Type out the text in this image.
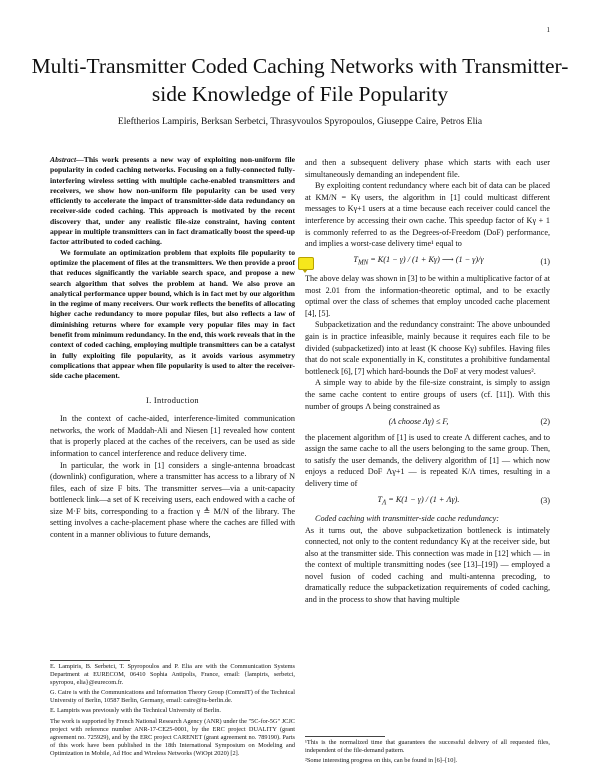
1
Multi-Transmitter Coded Caching Networks with Transmitter-side Knowledge of File Popularity
Eleftherios Lampiris, Berksan Serbetci, Thrasyvoulos Spyropoulos, Giuseppe Caire, Petros Elia

Abstract—This work presents a new way of exploiting non-uniform file popularity in coded caching networks. Focusing on a fully-connected fully-interfering wireless setting with multiple cache-enabled transmitters and receivers, we show how non-uniform file popularity can be used very efficiently to accelerate the impact of transmitter-side data redundancy on receiver-side coded caching. This approach is motivated by the recent discovery that, under any realistic file-size constraint, having content appear in multiple transmitters can in fact dramatically boost the speed-up factor attributed to coded caching.

We formulate an optimization problem that exploits file popularity to optimize the placement of files at the transmitters. We then provide a proof that reduces significantly the variable search space, and propose a new search algorithm that solves the problem at hand. We also prove an analytical performance upper bound, which is in fact met by our algorithm in the regime of many receivers. Our work reflects the benefits of allocating higher cache redundancy to more popular files, but also reflects a law of diminishing returns where for example very popular files may in fact benefit from minimum redundancy. In the end, this work reveals that in the context of coded caching, employing multiple transmitters can be a catalyst in fully exploiting file popularity, as it avoids various asymmetry complications that appear when file popularity is used to alter the receiver-side cache placement.

I. Introduction

In the context of cache-aided, interference-limited communication networks, the work of Maddah-Ali and Niesen [1] revealed how content that is properly placed at the caches of the receivers, can be used as side information to cancel interference and reduce delivery time.

In particular, the work in [1] considers a single-antenna broadcast (downlink) configuration, where a transmitter has access to a library of N files, each of size F bits. The transmitter serves—via a unit-capacity bottleneck link—a set of K receiving users, each endowed with a cache of size M·F bits, corresponding to a fraction γ ≜ M/N of the library. The setting involves a cache-placement phase where the caches are filled with content in a manner oblivious to future demands,

E. Lampiris, B. Serbetci, T. Spyropoulos and P. Elia are with the Communication Systems Department at EURECOM, 06410 Sophia Antipolis, France, email: {lampiris, serbetci, spyropou, elia}@eurecom.fr.
G. Caire is with the Communications and Information Theory Group (CommIT) of the Technical University of Berlin, 10587 Berlin, Germany, email: caire@tu-berlin.de.
E. Lampiris was previously with the Technical University of Berlin.
The work is supported by French National Research Agency (ANR) under the "5C-for-5G" JCJC project with reference number ANR-17-CE25-0001, by the ERC project DUALITY (grant agreement no. 725929), and by the ERC project CARENET (grant agreement no. 789190). Parts of this work have been published in the 18th International Symposium on Modeling and Optimization in Mobile, Ad Hoc and Wireless Networks (WiOpt 2020) [2].

and then a subsequent delivery phase which starts with each user simultaneously demanding an independent file.

By exploiting content redundancy where each bit of data can be placed at KM/N = Kγ users, the algorithm in [1] could multicast different messages to Kγ+1 users at a time because each receiver could cancel the interference by accessing their own cache. This speedup factor of Kγ + 1 is commonly referred to as the Degrees-of-Freedom (DoF) performance, and implies a worst-case delivery time¹ equal to

$T_{MN} = K(1 - \gamma) / (1 + K\gamma)$ ⟶ (1 − γ)/γ	(1)

The above delay was shown in [3] to be within a multiplicative factor of at most 2.01 from the information-theoretic optimal, and to be exactly optimal over the class of schemes that employ uncoded cache placement [4], [5].

Subpacketization and the redundancy constraint: The above unbounded gain is in practice infeasible, mainly because it requires each file to be divided (subpacketized) into at least (K choose Kγ) subfiles. Having files that do not scale exponentially in K, constitutes a prohibitive fundamental bottleneck [6], [7] which hard-bounds the DoF at very modest values².

A simple way to abide by the file-size constraint, is simply to assign the same cache content to entire groups of users (cf. [11]). With this number of groups Λ being constrained as

(Λ choose Λγ) ≤ F,	(2)

the placement algorithm of [1] is used to create Λ different caches, and to assign the same cache to all the users belonging to the same group. Then, to satisfy the user demands, the delivery algorithm of [1] — which now enjoys a reduced DoF Λγ+1 — is repeated K/Λ times, resulting in a delivery time of

$T_\Lambda = K(1 - \gamma) / (1 + \Lambda\gamma)$.	(3)

Coded caching with transmitter-side cache redundancy:

As it turns out, the above subpacketization bottleneck is intimately connected, not only to the content redundancy Kγ at the receiver side, but also at the transmitter side. This connection was made in [12] which — in the context of multiple transmitting nodes (see [13]–[19]) — employed a novel fusion of coded caching and multi-antenna precoding, to dramatically reduce the subpacketization requirements of coded caching, and in the process to show that having multiple

¹This is the normalized time that guarantees the successful delivery of all requested files, independent of the file-demand pattern.
²Some interesting progress on this, can be found in [6]–[10].
